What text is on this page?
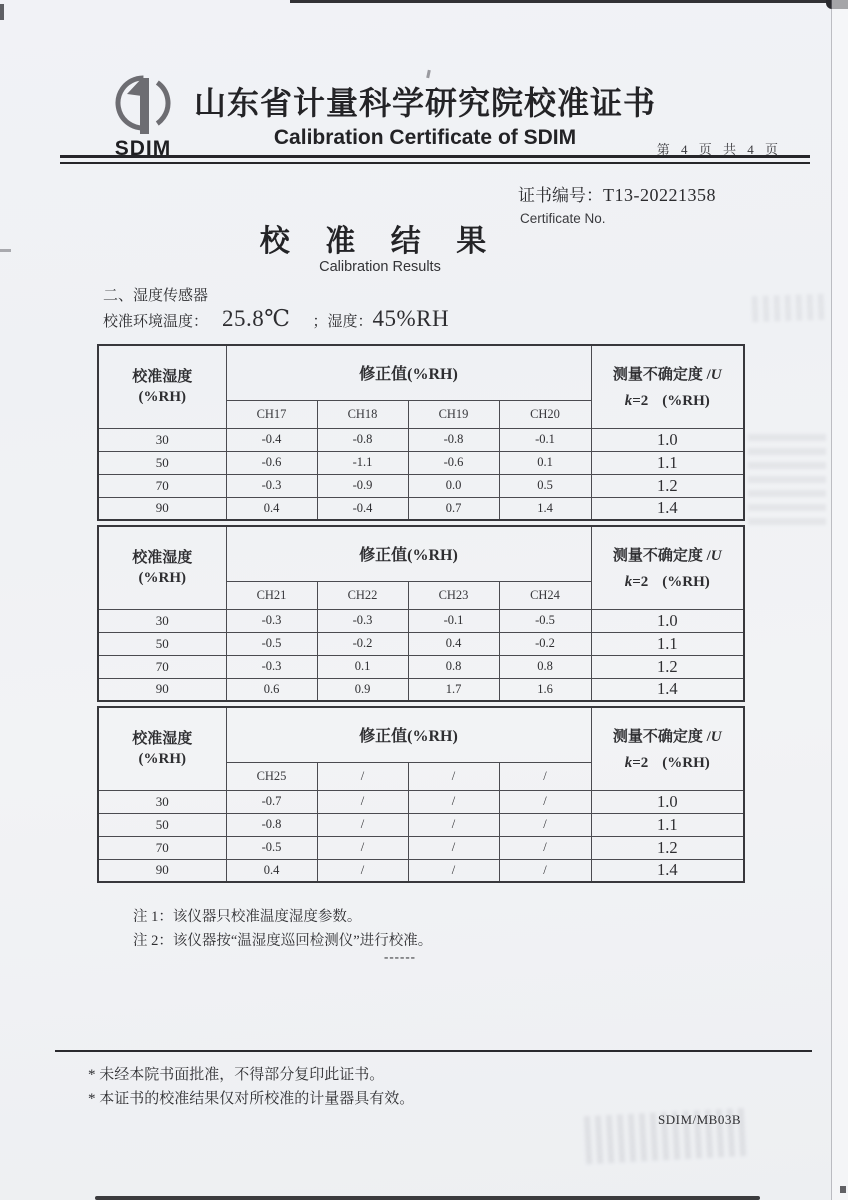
SDIM
山东省计量科学研究院校准证书
Calibration Certificate of SDIM
第 4 页 共 4 页
证书编号：T13-20221358
Certificate No.
校 准 结 果
Calibration Results
二、湿度传感器
校准环境温度： 25.8℃ ；湿度：45%RH
校准湿度
(%RH)
	修正值(%RH)	测量不确定度 /U
k=2 (%RH)

	CH17	CH18	CH19	CH20	
30	-0.4	-0.8	-0.8	-0.1	1.0
50	-0.6	-1.1	-0.6	0.1	1.1
70	-0.3	-0.9	0.0	0.5	1.2
90	0.4	-0.4	0.7	1.4	1.4
校准湿度
(%RH)
	修正值(%RH)	测量不确定度 /U
k=2 (%RH)

	CH21	CH22	CH23	CH24	
30	-0.3	-0.3	-0.1	-0.5	1.0
50	-0.5	-0.2	0.4	-0.2	1.1
70	-0.3	0.1	0.8	0.8	1.2
90	0.6	0.9	1.7	1.6	1.4
校准湿度
(%RH)
	修正值(%RH)	测量不确定度 /U
k=2 (%RH)

	CH25	/	/	/	
30	-0.7	/	/	/	1.0
50	-0.8	/	/	/	1.1
70	-0.5	/	/	/	1.2
90	0.4	/	/	/	1.4
注 1：该仪器只校准温度湿度参数。
注 2：该仪器按“温湿度巡回检测仪”进行校准。
------
* 未经本院书面批准，不得部分复印此证书。
* 本证书的校准结果仅对所校准的计量器具有效。
SDIM/MB03B
